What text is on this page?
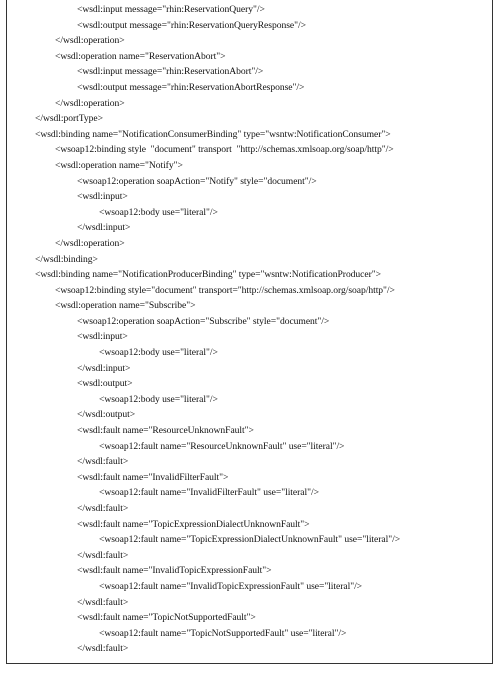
<wsdl:input message="rhin:ReservationQuery"/>
<wsdl:output message="rhin:ReservationQueryResponse"/>
</wsdl:operation>
<wsdl:operation name="ReservationAbort">
<wsdl:input message="rhin:ReservationAbort"/>
<wsdl:output message="rhin:ReservationAbortResponse"/>
</wsdl:operation>
</wsdl:portType>
<wsdl:binding name="NotificationConsumerBinding" type="wsntw:NotificationConsumer">
<wsoap12:binding style  "document" transport  "http://schemas.xmlsoap.org/soap/http"/>
<wsdl:operation name="Notify">
<wsoap12:operation soapAction="Notify" style="document"/>
<wsdl:input>
<wsoap12:body use="literal"/>
</wsdl:input>
</wsdl:operation>
</wsdl:binding>
<wsdl:binding name="NotificationProducerBinding" type="wsntw:NotificationProducer">
<wsoap12:binding style="document" transport="http://schemas.xmlsoap.org/soap/http"/>
<wsdl:operation name="Subscribe">
<wsoap12:operation soapAction="Subscribe" style="document"/>
<wsdl:input>
<wsoap12:body use="literal"/>
</wsdl:input>
<wsdl:output>
<wsoap12:body use="literal"/>
</wsdl:output>
<wsdl:fault name="ResourceUnknownFault">
<wsoap12:fault name="ResourceUnknownFault" use="literal"/>
</wsdl:fault>
<wsdl:fault name="InvalidFilterFault">
<wsoap12:fault name="InvalidFilterFault" use="literal"/>
</wsdl:fault>
<wsdl:fault name="TopicExpressionDialectUnknownFault">
<wsoap12:fault name="TopicExpressionDialectUnknownFault" use="literal"/>
</wsdl:fault>
<wsdl:fault name="InvalidTopicExpressionFault">
<wsoap12:fault name="InvalidTopicExpressionFault" use="literal"/>
</wsdl:fault>
<wsdl:fault name="TopicNotSupportedFault">
<wsoap12:fault name="TopicNotSupportedFault" use="literal"/>
</wsdl:fault>
